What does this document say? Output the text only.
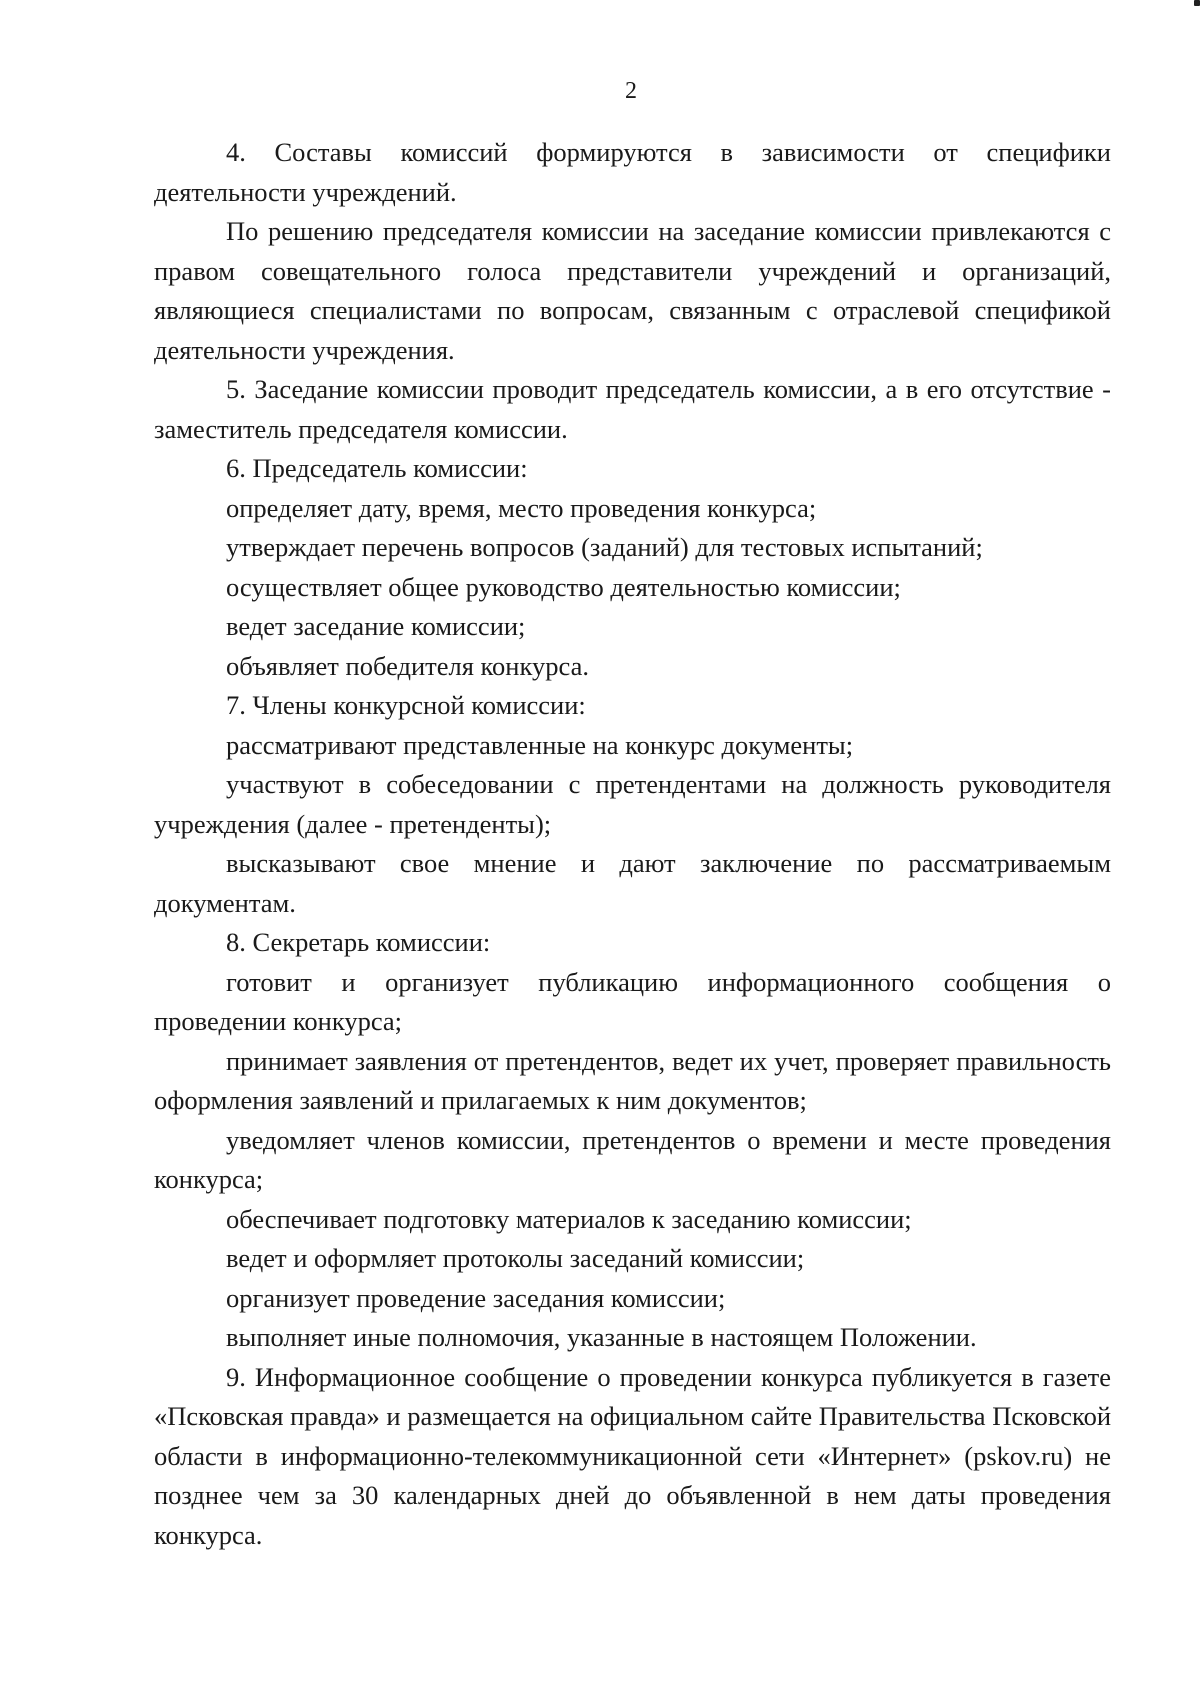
2

4. Составы комиссий формируются в зависимости от специфики деятельности учреждений.

По решению председателя комиссии на заседание комиссии привлекаются с правом совещательного голоса представители учреждений и организаций, являющиеся специалистами по вопросам, связанным с отраслевой спецификой деятельности учреждения.

5. Заседание комиссии проводит председатель комиссии, а в его отсутствие - заместитель председателя комиссии.

6. Председатель комиссии:

определяет дату, время, место проведения конкурса;

утверждает перечень вопросов (заданий) для тестовых испытаний;

осуществляет общее руководство деятельностью комиссии;

ведет заседание комиссии;

объявляет победителя конкурса.

7. Члены конкурсной комиссии:

рассматривают представленные на конкурс документы;

участвуют в собеседовании с претендентами на должность руководителя учреждения (далее - претенденты);

высказывают свое мнение и дают заключение по рассматриваемым документам.

8. Секретарь комиссии:

готовит и организует публикацию информационного сообщения о проведении конкурса;

принимает заявления от претендентов, ведет их учет, проверяет правильность оформления заявлений и прилагаемых к ним документов;

уведомляет членов комиссии, претендентов о времени и месте проведения конкурса;

обеспечивает подготовку материалов к заседанию комиссии;

ведет и оформляет протоколы заседаний комиссии;

организует проведение заседания комиссии;

выполняет иные полномочия, указанные в настоящем Положении.

9. Информационное сообщение о проведении конкурса публикуется в газете «Псковская правда» и размещается на официальном сайте Правительства Псковской области в информационно-телекоммуникационной сети «Интернет» (pskov.ru) не позднее чем за 30 календарных дней до объявленной в нем даты проведения конкурса.
